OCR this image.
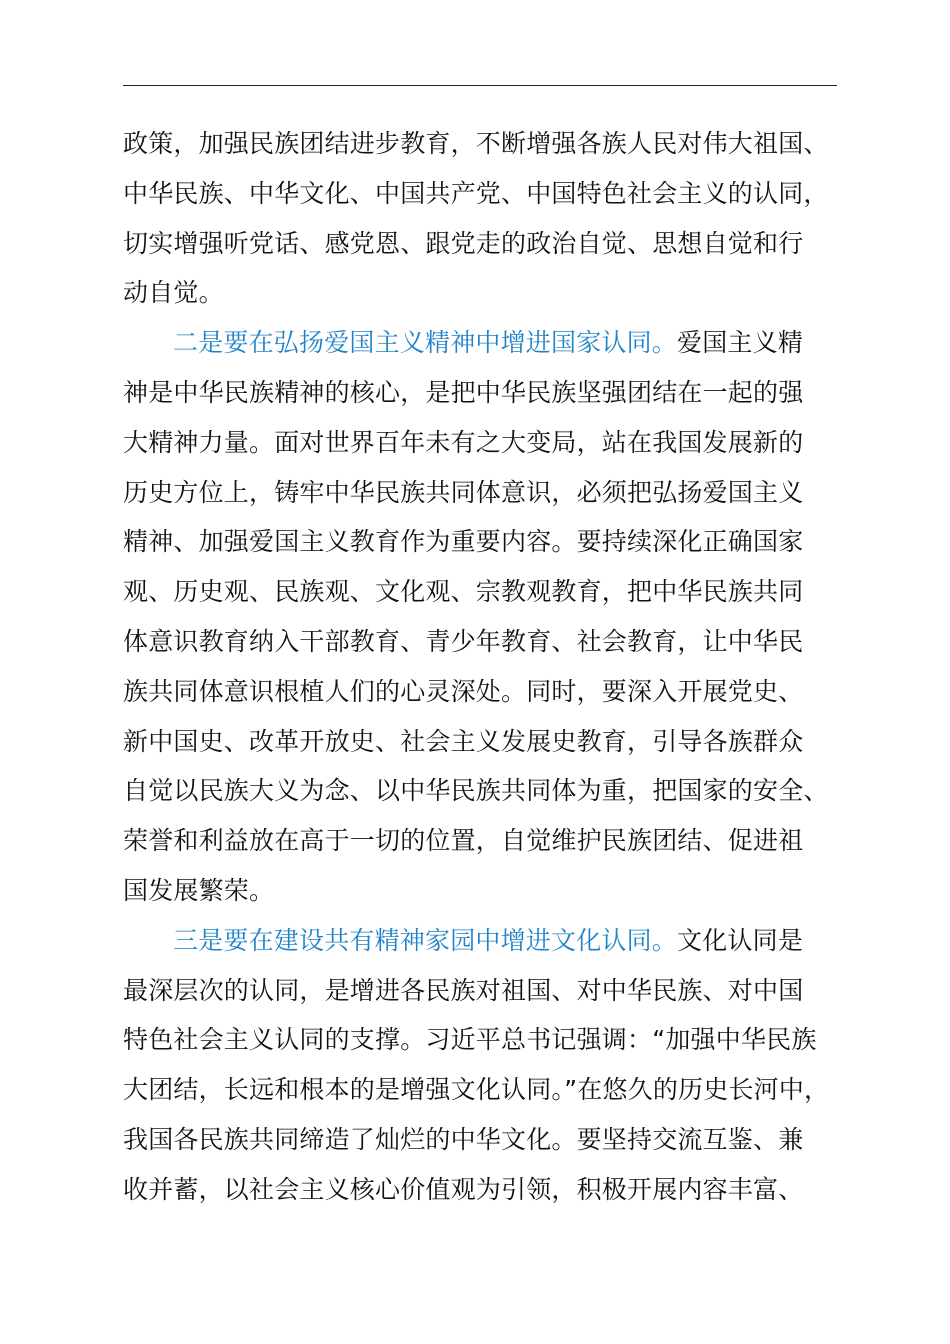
政策，加强民族团结进步教育，不断增强各族人民对伟大祖国、
中华民族、中华文化、中国共产党、中国特色社会主义的认同，
切实增强听党话、感党恩、跟党走的政治自觉、思想自觉和行
动自觉。

二是要在弘扬爱国主义精神中增进国家认同。爱国主义精
神是中华民族精神的核心，是把中华民族坚强团结在一起的强
大精神力量。面对世界百年未有之大变局，站在我国发展新的
历史方位上，铸牢中华民族共同体意识，必须把弘扬爱国主义
精神、加强爱国主义教育作为重要内容。要持续深化正确国家
观、历史观、民族观、文化观、宗教观教育，把中华民族共同
体意识教育纳入干部教育、青少年教育、社会教育，让中华民
族共同体意识根植人们的心灵深处。同时，要深入开展党史、
新中国史、改革开放史、社会主义发展史教育，引导各族群众
自觉以民族大义为念、以中华民族共同体为重，把国家的安全、
荣誉和利益放在高于一切的位置，自觉维护民族团结、促进祖
国发展繁荣。

三是要在建设共有精神家园中增进文化认同。文化认同是
最深层次的认同，是增进各民族对祖国、对中华民族、对中国
特色社会主义认同的支撑。习近平总书记强调：“加强中华民族
大团结，长远和根本的是增强文化认同。”在悠久的历史长河中，
我国各民族共同缔造了灿烂的中华文化。要坚持交流互鉴、兼
收并蓄，以社会主义核心价值观为引领，积极开展内容丰富、
